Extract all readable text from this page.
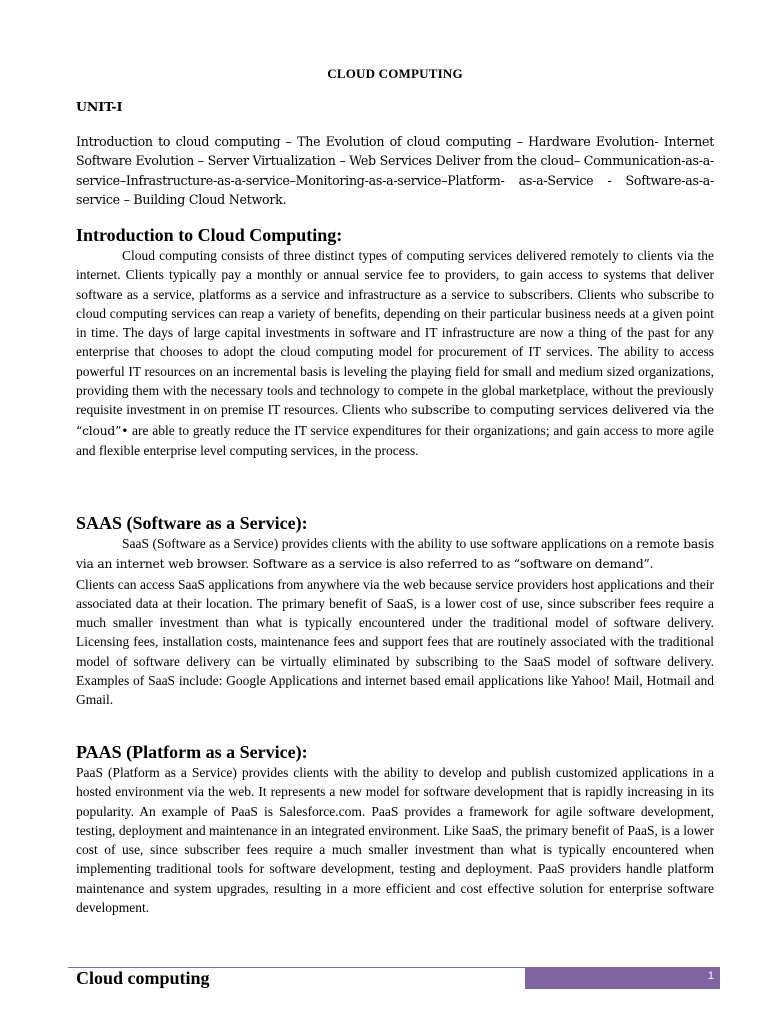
CLOUD COMPUTING
UNIT-I
Introduction to cloud computing – The Evolution of cloud computing – Hardware Evolution- Internet Software Evolution – Server Virtualization – Web Services Deliver from the cloud– Communication-as-a-service–Infrastructure-as-a-service–Monitoring-as-a-service–Platform- as-a-Service - Software-as-a-service – Building Cloud Network.
Introduction to Cloud Computing:

Cloud computing consists of three distinct types of computing services delivered remotely to clients via the internet. Clients typically pay a monthly or annual service fee to providers, to gain access to systems that deliver software as a service, platforms as a service and infrastructure as a service to subscribers. Clients who subscribe to cloud computing services can reap a variety of benefits, depending on their particular business needs at a given point in time. The days of large capital investments in software and IT infrastructure are now a thing of the past for any enterprise that chooses to adopt the cloud computing model for procurement of IT services. The ability to access powerful IT resources on an incremental basis is leveling the playing field for small and medium sized organizations, providing them with the necessary tools and technology to compete in the global marketplace, without the previously requisite investment in on premise IT resources. Clients who subscribe to computing services delivered via the “cloud”• are able to greatly reduce the IT service expenditures for their organizations; and gain access to more agile and flexible enterprise level computing services, in the process.

SAAS (Software as a Service):

SaaS (Software as a Service) provides clients with the ability to use software applications on a remote basis via an internet web browser. Software as a service is also referred to as “software on demand”.

Clients can access SaaS applications from anywhere via the web because service providers host applications and their associated data at their location. The primary benefit of SaaS, is a lower cost of use, since subscriber fees require a much smaller investment than what is typically encountered under the traditional model of software delivery. Licensing fees, installation costs, maintenance fees and support fees that are routinely associated with the traditional model of software delivery can be virtually eliminated by subscribing to the SaaS model of software delivery. Examples of SaaS include: Google Applications and internet based email applications like Yahoo! Mail, Hotmail and Gmail.

PAAS (Platform as a Service):

PaaS (Platform as a Service) provides clients with the ability to develop and publish customized applications in a hosted environment via the web. It represents a new model for software development that is rapidly increasing in its popularity. An example of PaaS is Salesforce.com. PaaS provides a framework for agile software development, testing, deployment and maintenance in an integrated environment. Like SaaS, the primary benefit of PaaS, is a lower cost of use, since subscriber fees require a much smaller investment than what is typically encountered when implementing traditional tools for software development, testing and deployment. PaaS providers handle platform maintenance and system upgrades, resulting in a more efficient and cost effective solution for enterprise software development.

Cloud computing	1
